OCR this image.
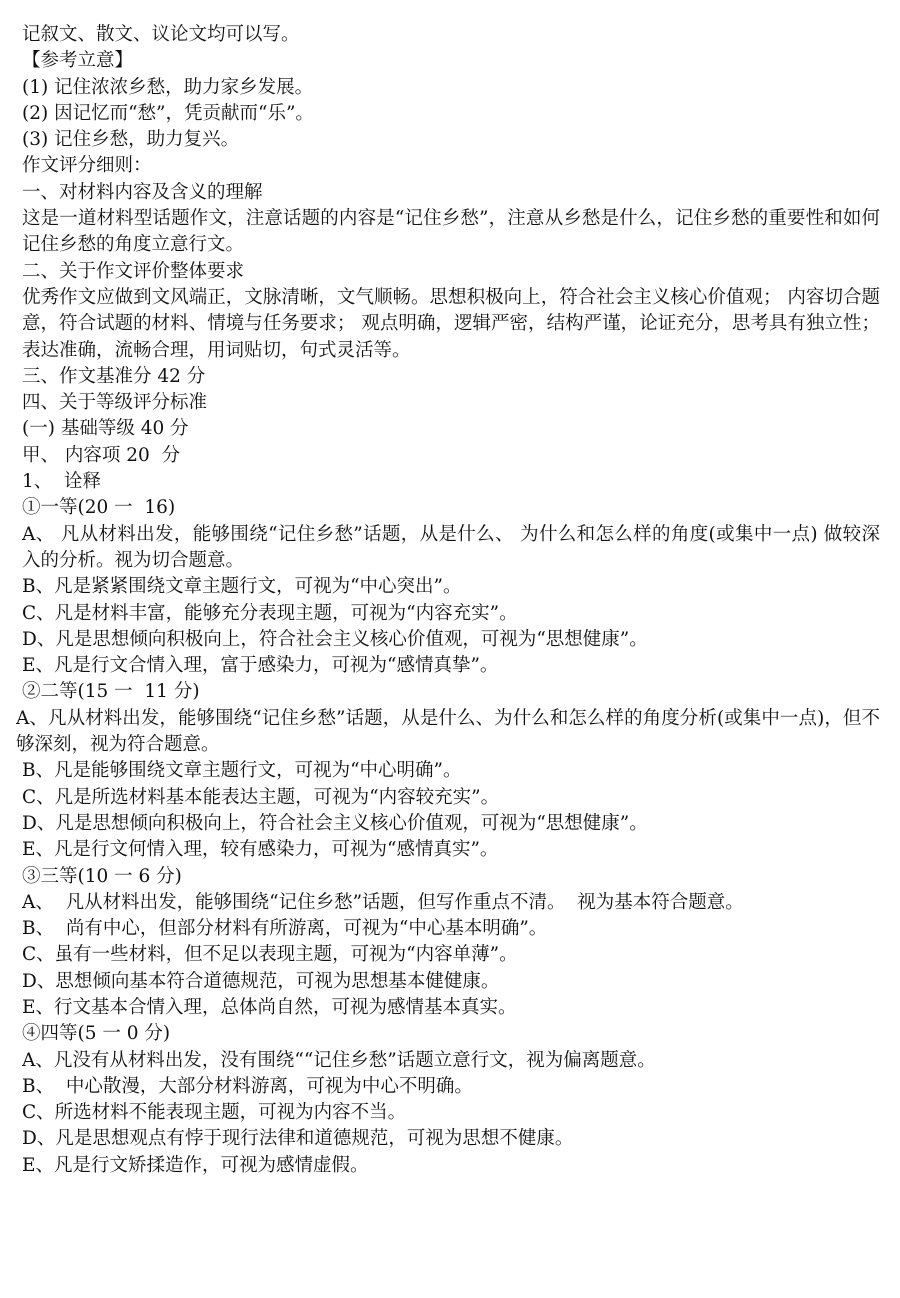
记叙文、散文、议论文均可以写。
【参考立意】
(1) 记住浓浓乡愁，助力家乡发展。
(2) 因记忆而“愁”，凭贡献而“乐”。
(3) 记住乡愁，助力复兴。
作文评分细则：
一、对材料内容及含义的理解
这是一道材料型话题作文，注意话题的内容是“记住乡愁”，注意从乡愁是什么，记住乡愁的重要性和如何记住乡愁的角度立意行文。
二、关于作文评价整体要求
优秀作文应做到文风端正，文脉清晰，文气顺畅。思想积极向上，符合社会主义核心价值观； 内容切合题意，符合试题的材料、情境与任务要求； 观点明确，逻辑严密，结构严谨，论证充分，思考具有独立性； 表达准确，流畅合理，用词贴切，句式灵活等。
三、作文基准分 42 分
四、关于等级评分标准
(一) 基础等级 40 分
甲、 内容项 20  分
1、  诠释
①一等(20 一  16)
A、 凡从材料出发，能够围绕“记住乡愁”话题，从是什么、 为什么和怎么样的角度(或集中一点) 做较深入的分析。视为切合题意。
B、凡是紧紧围绕文章主题行文，可视为“中心突出”。
C、凡是材料丰富，能够充分表现主题，可视为“内容充实”。
D、凡是思想倾向积极向上，符合社会主义核心价值观，可视为“思想健康”。
E、凡是行文合情入理，富于感染力，可视为“感情真挚”。
②二等(15 一  11 分)
A、凡从材料出发，能够围绕“记住乡愁”话题，从是什么、为什么和怎么样的角度分析(或集中一点)，但不够深刻，视为符合题意。
B、凡是能够围绕文章主题行文，可视为“中心明确”。
C、凡是所选材料基本能表达主题，可视为“内容较充实”。
D、凡是思想倾向积极向上，符合社会主义核心价值观，可视为“思想健康”。
E、凡是行文何情入理，较有感染力，可视为“感情真实”。
③三等(10 一 6 分)
A、  凡从材料出发，能够围绕“记住乡愁”话题，但写作重点不清。  视为基本符合题意。
B、  尚有中心，但部分材料有所游离，可视为“中心基本明确”。
C、虽有一些材料，但不足以表现主题，可视为“内容单薄”。
D、思想倾向基本符合道德规范，可视为思想基本健健康。
E、行文基本合情入理，总体尚自然，可视为感情基本真实。
④四等(5 一 0 分)
A、凡没有从材料出发，没有围绕““记住乡愁”话题立意行文，视为偏离题意。
B、  中心散漫，大部分材料游离，可视为中心不明确。
C、所选材料不能表现主题，可视为内容不当。
D、凡是思想观点有悖于现行法律和道德规范，可视为思想不健康。
E、凡是行文矫揉造作，可视为感情虚假。
